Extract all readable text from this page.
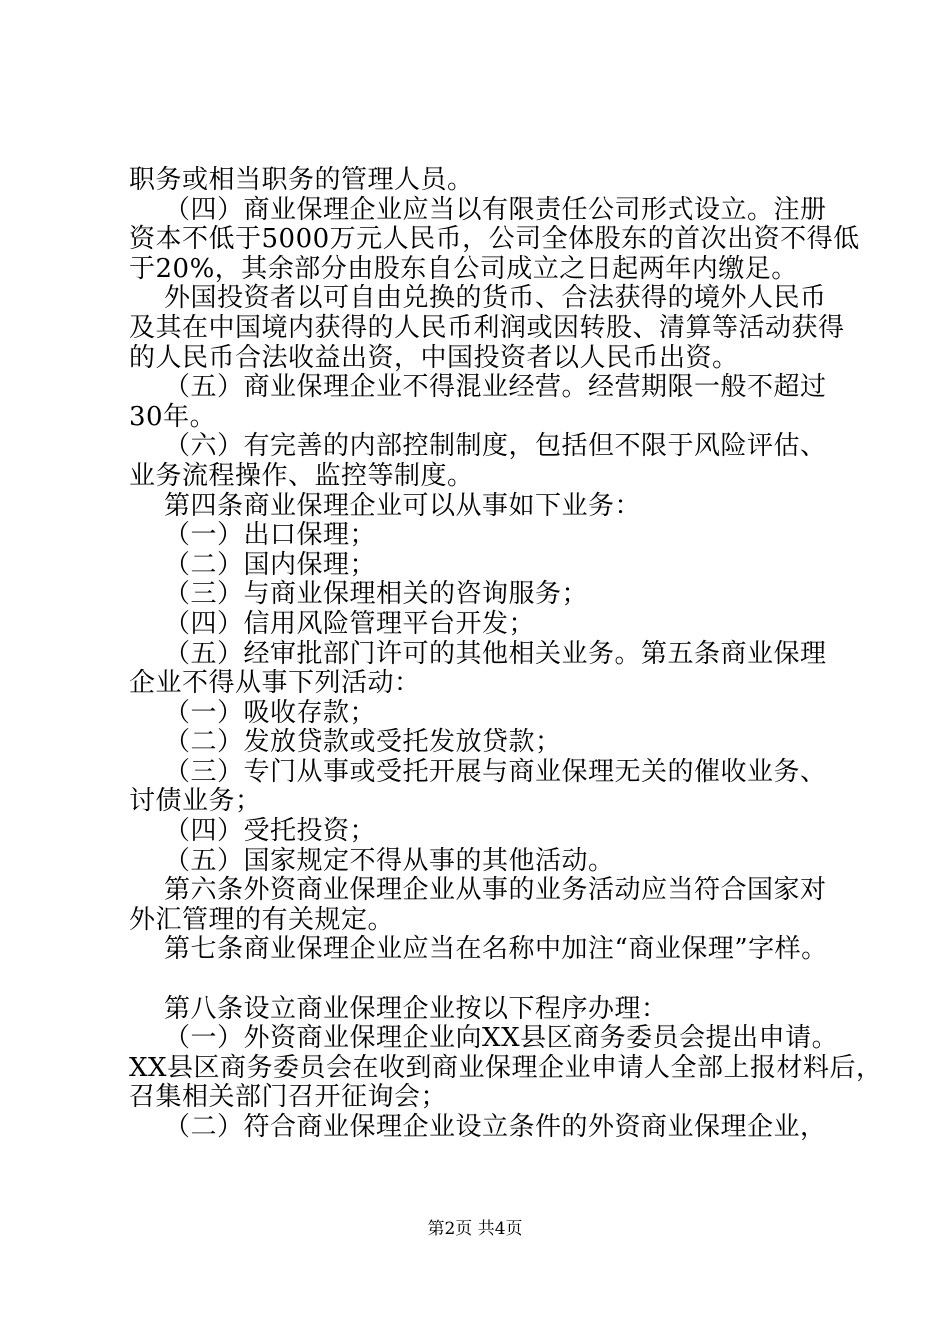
职务或相当职务的管理人员。
（四）商业保理企业应当以有限责任公司形式设立。注册
资本不低于5000万元人民币，公司全体股东的首次出资不得低
于20%，其余部分由股东自公司成立之日起两年内缴足。
外国投资者以可自由兑换的货币、合法获得的境外人民币
及其在中国境内获得的人民币利润或因转股、清算等活动获得
的人民币合法收益出资，中国投资者以人民币出资。
（五）商业保理企业不得混业经营。经营期限一般不超过
30年。
（六）有完善的内部控制制度，包括但不限于风险评估、
业务流程操作、监控等制度。
第四条商业保理企业可以从事如下业务：
（一）出口保理；
（二）国内保理；
（三）与商业保理相关的咨询服务；
（四）信用风险管理平台开发；
（五）经审批部门许可的其他相关业务。第五条商业保理
企业不得从事下列活动：
（一）吸收存款；
（二）发放贷款或受托发放贷款；
（三）专门从事或受托开展与商业保理无关的催收业务、
讨债业务；
（四）受托投资；
（五）国家规定不得从事的其他活动。
第六条外资商业保理企业从事的业务活动应当符合国家对
外汇管理的有关规定。
第七条商业保理企业应当在名称中加注“商业保理”字样。
第八条设立商业保理企业按以下程序办理：
（一）外资商业保理企业向XX县区商务委员会提出申请。
XX县区商务委员会在收到商业保理企业申请人全部上报材料后，
召集相关部门召开征询会；
（二）符合商业保理企业设立条件的外资商业保理企业，
第2页 共4页
